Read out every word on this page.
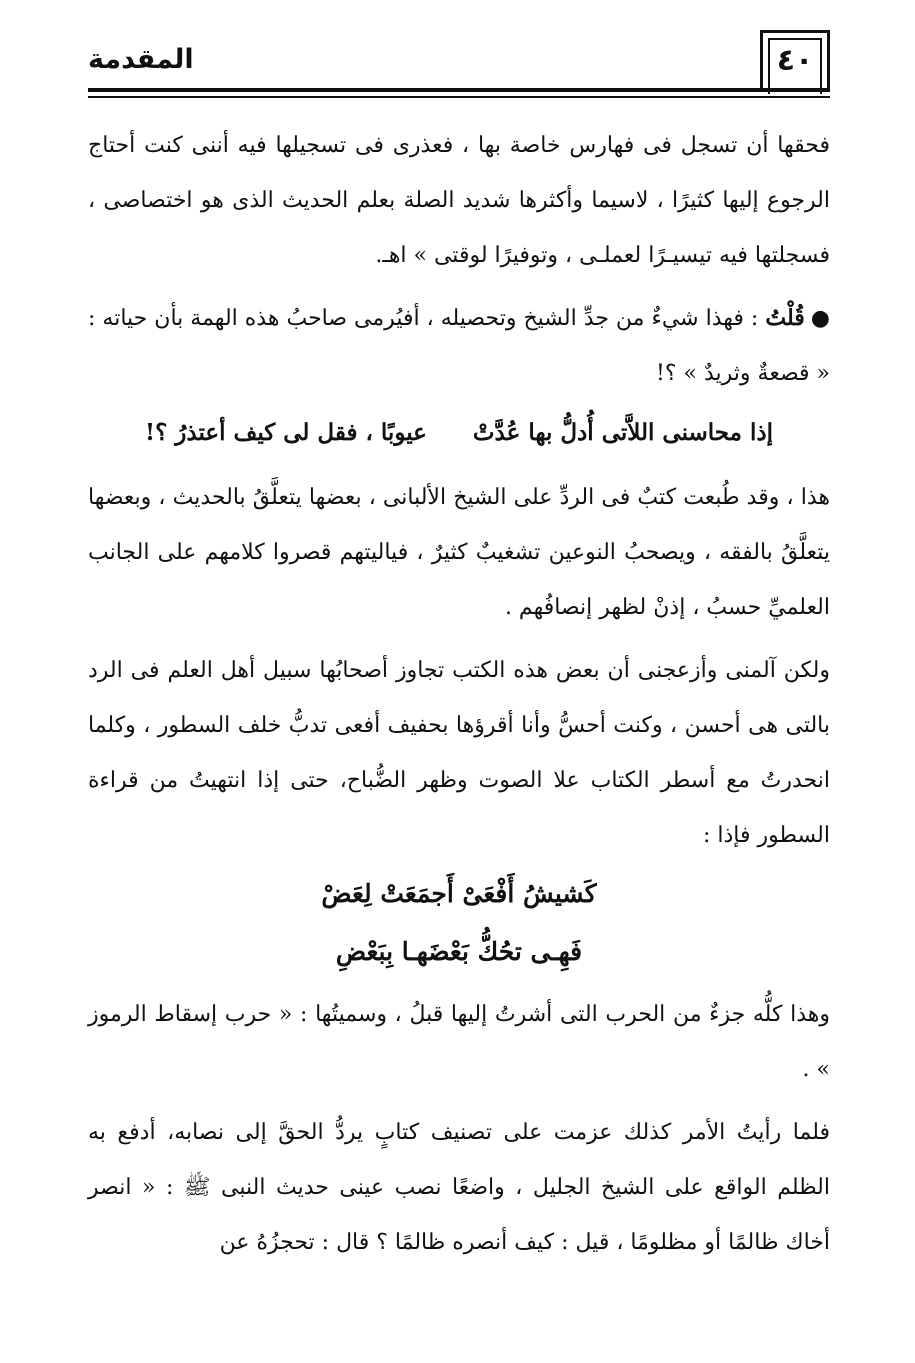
المقدمة	٤٠

فحقها أن تسجل فى فهارس خاصة بها ، فعذرى فى تسجيلها فيه أننى كنت أحتاج الرجوع إليها كثيرًا ، لاسيما وأكثرها شديد الصلة بعلم الحديث الذى هو اختصاصى ، فسجلتها فيه تيسيـرًا لعملـى ، وتوفيرًا لوقتى » اهـ.

●قُلْتُ : فهذا شيءٌ من جدِّ الشيخ وتحصيله ، أفيُرمى صاحبُ هذه الهمة بأن حياته : « قصعةٌ وثريدٌ » ؟!

إذا محاسنى اللاَّتى أُدلُّ بها عُدَّتْعيوبًا ، فقل لى كيف أعتذرُ ؟!

هذا ، وقد طُبعت كتبٌ فى الردِّ على الشيخ الألبانى ، بعضها يتعلَّقُ بالحديث ، وبعضها يتعلَّقُ بالفقه ، ويصحبُ النوعين تشغيبٌ كثيرٌ ، فياليتهم قصروا كلامهم على الجانب العلميِّ حسبُ ، إذنْ لظهر إنصافُهم .

ولكن آلمنى وأزعجنى أن بعض هذه الكتب تجاوز أصحابُها سبيل أهل العلم فى الرد بالتى هى أحسن ، وكنت أحسُّ وأنا أقرؤها بحفيف أفعى تدبُّ خلف السطور ، وكلما انحدرتُ مع أسطر الكتاب علا الصوت وظهر الضُّباح، حتى إذا انتهيتُ من قراءة السطور فإذا :

كَشيشُ أَفْعَىْ أَجمَعَتْ لِعَضْ
فَهِـى تحُكُّ بَعْضَهـا بِبَعْضِ

وهذا كلُّه جزءٌ من الحرب التى أشرتُ إليها قبلُ ، وسميتُها : « حرب إسقاط الرموز » .

فلما رأيتُ الأمر كذلك عزمت على تصنيف كتابٍ يردُّ الحقَّ إلى نصابه، أدفع به الظلم الواقع على الشيخ الجليل ، واضعًا نصب عينى حديث النبى ﷺ : « انصر أخاك ظالمًا أو مظلومًا ، قيل : كيف أنصره ظالمًا ؟ قال : تحجزُهُ عن
